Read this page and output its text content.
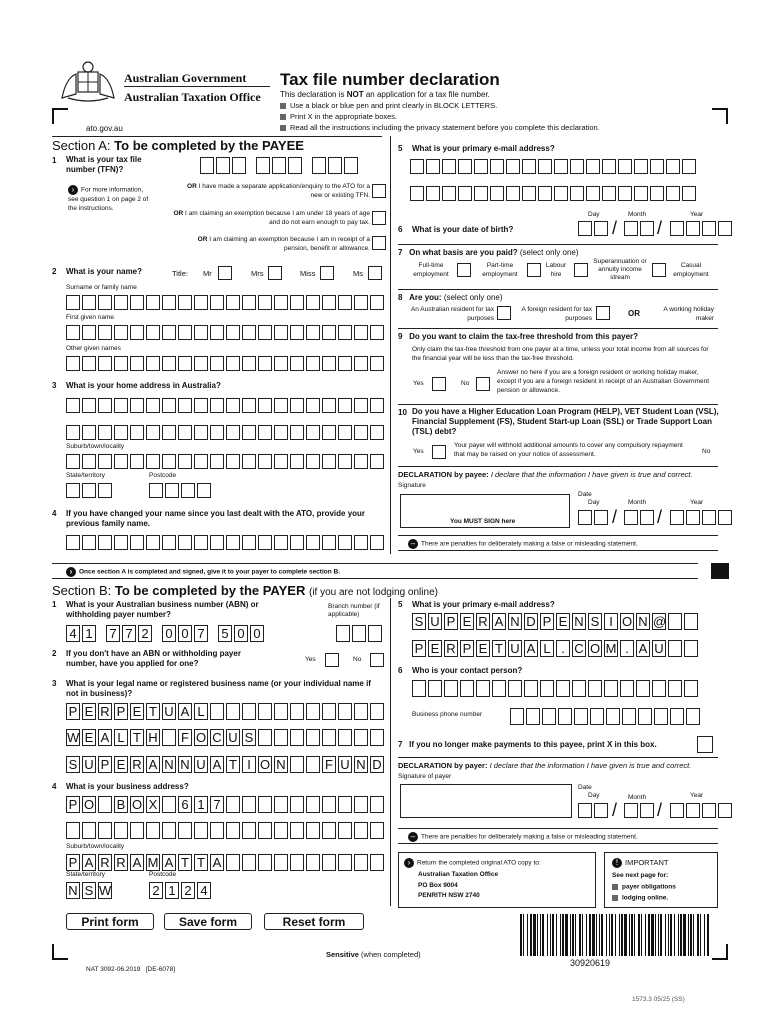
Australian Government
Australian Taxation Office
ato.gov.au
Tax file number declaration
This declaration is NOT an application for a tax file number.
Use a black or blue pen and print clearly in BLOCK LETTERS.
Print X in the appropriate boxes.
Read all the instructions including the privacy statement before you complete this declaration.
Section A: To be completed by the PAYEE
1 What is your tax file number (TFN)?
› For more information, see question 1 on page 2 of the instructions.
OR I have made a separate application/enquiry to the ATO for a new or existing TFN.
OR I am claiming an exemption because I am under 18 years of age and do not earn enough to pay tax.
OR I am claiming an exemption because I am in receipt of a pension, benefit or allowance.
2 What is your name?	Title: Mr	Mrs	Miss	Ms
Surname or family name
First given name
Other given names
3 What is your home address in Australia?
Suburb/town/locality
State/territory	Postcode
4 If you have changed your name since you last dealt with the ATO, provide your previous family name.
5 What is your primary e-mail address?
6 What is your date of birth?
Day	Month	Year
/ /
7 On what basis are you paid? (select only one)
Full-time employment
Part-time employment
Labour hire
Superannuation or annuity income stream
Casual employment
8 Are you: (select only one)
An Australian resident for tax purposes
A foreign resident for tax purposes
OR	A working holiday maker
9 Do you want to claim the tax-free threshold from this payer?
Only claim the tax-free threshold from one payer at a time, unless your total income from all sources for the financial year will be less than the tax-free threshold.
Yes	No
Answer no here if you are a foreign resident or working holiday maker, except if you are a foreign resident in receipt of an Australian Government pension or allowance.
10 Do you have a Higher Education Loan Program (HELP), VET Student Loan (VSL), Financial Supplement (FS), Student Start-up Loan (SSL) or Trade Support Loan (TSL) debt?
Yes
Your payer will withhold additional amounts to cover any compulsory repayment that may be raised on your notice of assessment.	No
DECLARATION by payee: I declare that the information I have given is true and correct.
Signature
You MUST SIGN here
Date
Day	Month	Year
/ /
– There are penalties for deliberately making a false or misleading statement.
› Once section A is completed and signed, give it to your payer to complete section B.
Section B: To be completed by the PAYER (if you are not lodging online)
1 What is your Australian business number (ABN) or withholding payer number?
Branch number (if applicable)
4 1 7 7 2 0 0 7 5 0 0
2 If you don't have an ABN or withholding payer number, have you applied for one?	Yes	No
3 What is your legal name or registered business name (or your individual name if not in business)?
P E R P E T U A L
W E A L T H F O C U S
S U P E R A N N U A T I O N	F U N D
4 What is your business address?
P O B O X 6 1 7
Suburb/town/locality
P A R R A M A T T A
State/territory	Postcode
N S W	2 1 2 4
5 What is your primary e-mail address?
S U P E R A N D P E N S I O N @
P E R P E T U A L . C O M . A U
6 Who is your contact person?
Business phone number
7 If you no longer make payments to this payee, print X in this box.
DECLARATION by payer: I declare that the information I have given is true and correct.
Signature of payer
Date
Day	Month	Year
/ /
– There are penalties for deliberately making a false or misleading statement.
› Return the completed original ATO copy to:
Australian Taxation Office
PO Box 9004
PENRITH NSW 2740
! IMPORTANT
See next page for:
payer obligations
lodging online.
Print form	Save form	Reset form
Sensitive (when completed)
NAT 3092-06.2019 [DE-6078]
30920619
1573.3 05/25 (SS)
